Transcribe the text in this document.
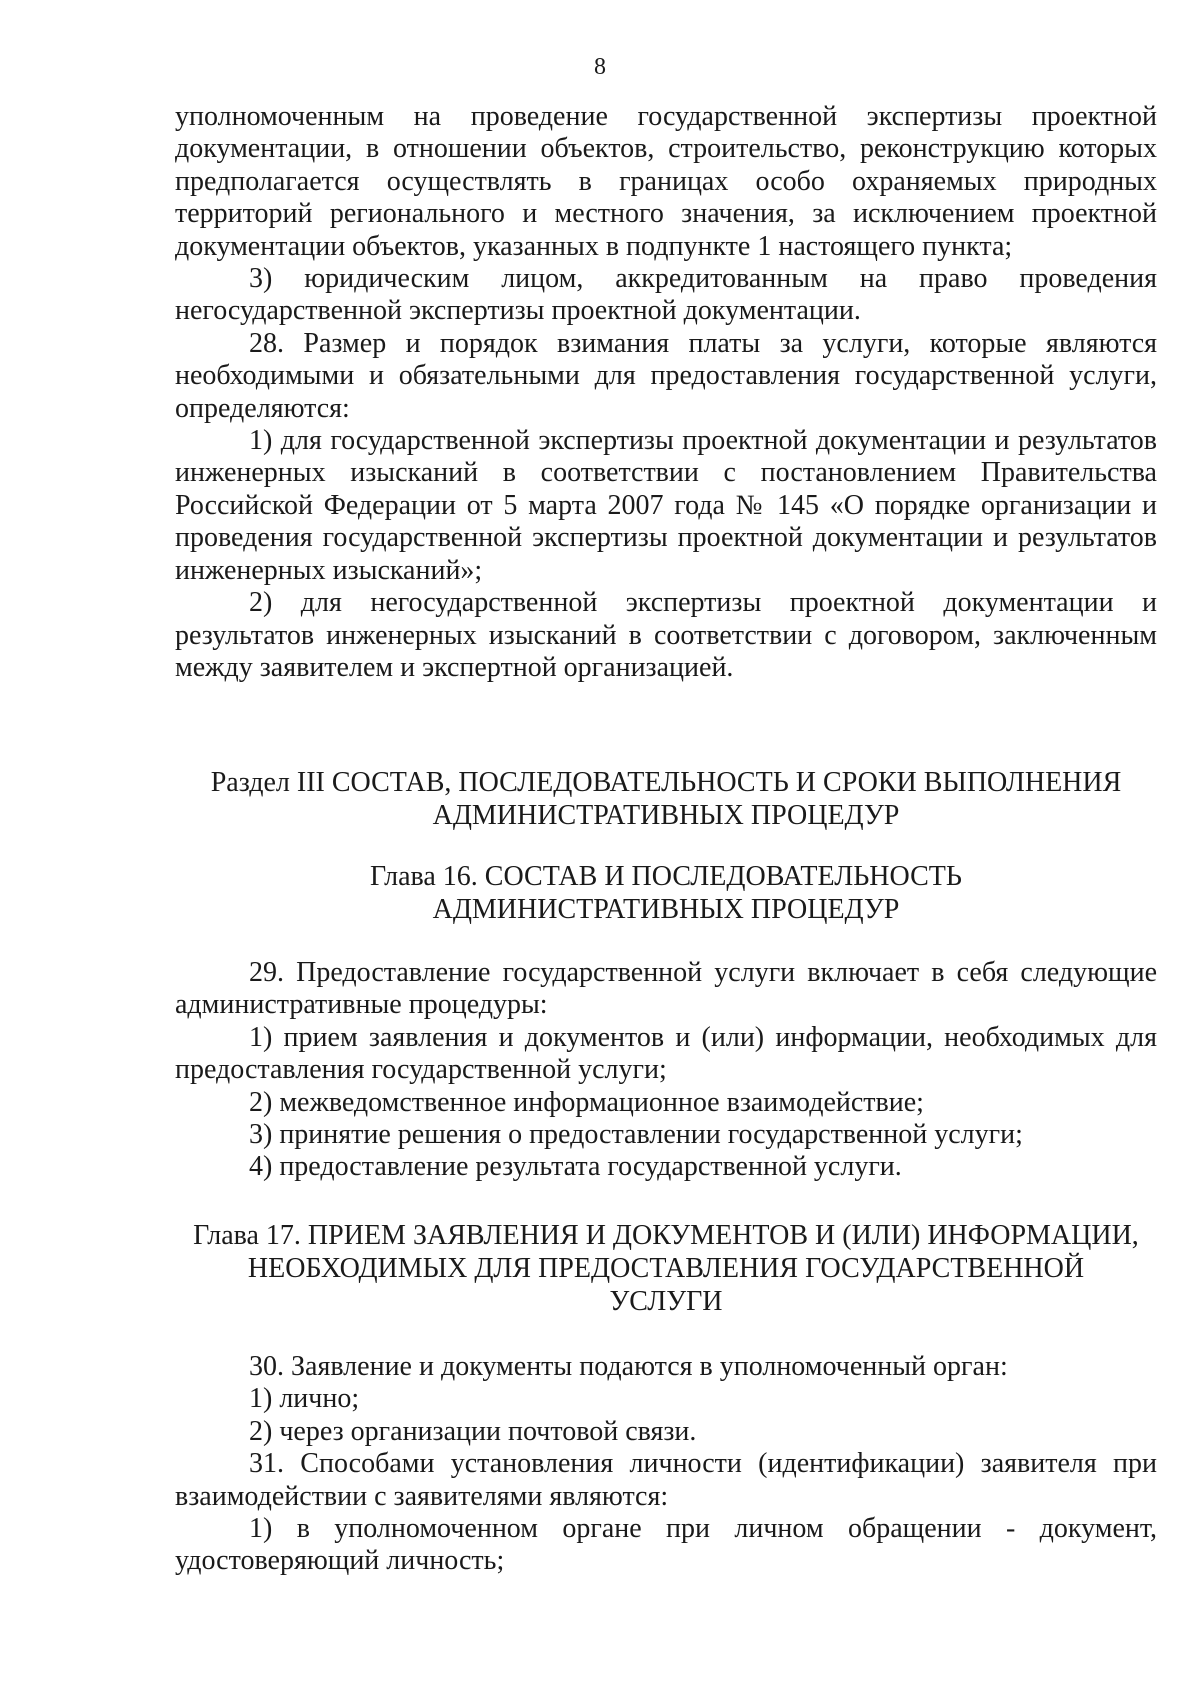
8

уполномоченным на проведение государственной экспертизы проектной документации, в отношении объектов, строительство, реконструкцию которых предполагается осуществлять в границах особо охраняемых природных территорий регионального и местного значения, за исключением проектной документации объектов, указанных в подпункте 1 настоящего пункта;

3) юридическим лицом, аккредитованным на право проведения негосударственной экспертизы проектной документации.

28. Размер и порядок взимания платы за услуги, которые являются необходимыми и обязательными для предоставления государственной услуги, определяются:

1) для государственной экспертизы проектной документации и результатов инженерных изысканий в соответствии с постановлением Правительства Российской Федерации от 5 марта 2007 года № 145 «О порядке организации и проведения государственной экспертизы проектной документации и результатов инженерных изысканий»;

2) для негосударственной экспертизы проектной документации и результатов инженерных изысканий в соответствии с договором, заключенным между заявителем и экспертной организацией.

Раздел III СОСТАВ, ПОСЛЕДОВАТЕЛЬНОСТЬ И СРОКИ ВЫПОЛНЕНИЯ
АДМИНИСТРАТИВНЫХ ПРОЦЕДУР
Глава 16. СОСТАВ И ПОСЛЕДОВАТЕЛЬНОСТЬ
АДМИНИСТРАТИВНЫХ ПРОЦЕДУР

29. Предоставление государственной услуги включает в себя следующие административные процедуры:

1) прием заявления и документов и (или) информации, необходимых для предоставления государственной услуги;

2) межведомственное информационное взаимодействие;

3) принятие решения о предоставлении государственной услуги;

4) предоставление результата государственной услуги.

Глава 17. ПРИЕМ ЗАЯВЛЕНИЯ И ДОКУМЕНТОВ И (ИЛИ) ИНФОРМАЦИИ,
НЕОБХОДИМЫХ ДЛЯ ПРЕДОСТАВЛЕНИЯ ГОСУДАРСТВЕННОЙ
УСЛУГИ

30. Заявление и документы подаются в уполномоченный орган:

1) лично;

2) через организации почтовой связи.

31. Способами установления личности (идентификации) заявителя при взаимодействии с заявителями являются:

1) в уполномоченном органе при личном обращении - документ, удостоверяющий личность;
